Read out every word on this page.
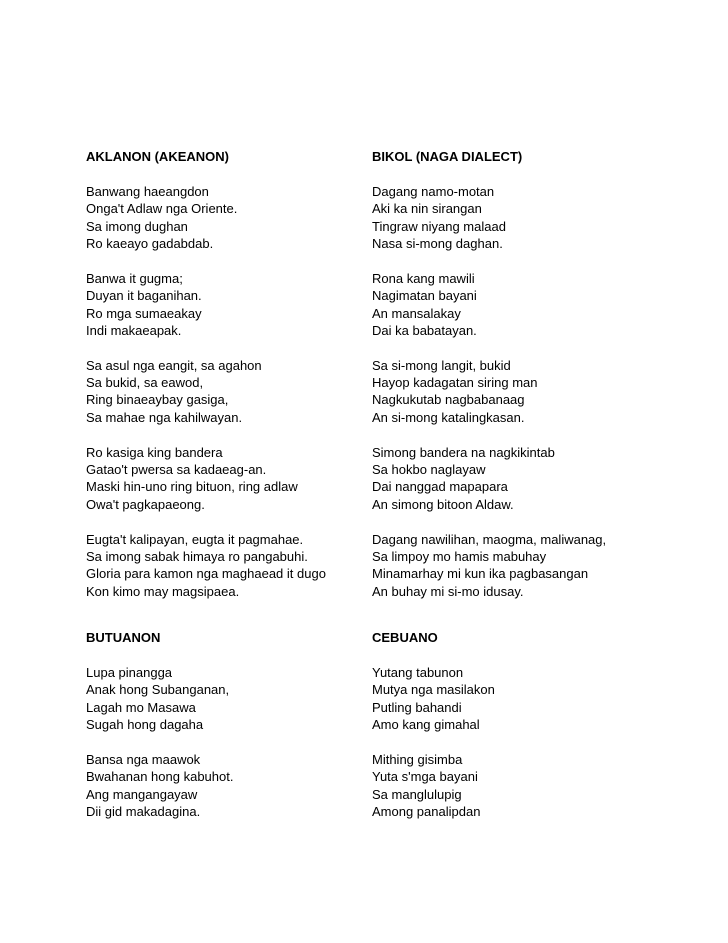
AKLANON (AKEANON)
Banwang haeangdon
Onga't Adlaw nga Oriente.
Sa imong dughan
Ro kaeayo gadabdab.
Banwa it gugma;
Duyan it baganihan.
Ro mga sumaeakay
Indi makaeapak.
Sa asul nga eangit, sa agahon
Sa bukid, sa eawod,
Ring binaeaybay gasiga,
Sa mahae nga kahilwayan.
Ro kasiga king bandera
Gatao't pwersa sa kadaeag-an.
Maski hin-uno ring bituon, ring adlaw
Owa't pagkapaeong.
Eugta't kalipayan, eugta it pagmahae.
Sa imong sabak himaya ro pangabuhi.
Gloria para kamon nga maghaead it dugo
Kon kimo may magsipaea.
BIKOL (NAGA DIALECT)
Dagang namo-motan
Aki ka nin sirangan
Tingraw niyang malaad
Nasa si-mong daghan.
Rona kang mawili
Nagimatan bayani
An mansalakay
Dai ka babatayan.
Sa si-mong langit, bukid
Hayop kadagatan siring man
Nagkukutab nagbabanaag
An si-mong katalingkasan.
Simong bandera na nagkikintab
Sa hokbo naglayaw
Dai nanggad mapapara
An simong bitoon Aldaw.
Dagang nawilihan, maogma, maliwanag,
Sa limpoy mo hamis mabuhay
Minamarhay mi kun ika pagbasangan
An buhay mi si-mo idusay.
BUTUANON
Lupa pinangga
Anak hong Subanganan,
Lagah mo Masawa
Sugah hong dagaha
Bansa nga maawok
Bwahanan hong kabuhot.
Ang mangangayaw
Dii gid makadagina.
CEBUANO
Yutang tabunon
Mutya nga masilakon
Putling bahandi
Amo kang gimahal
Mithing gisimba
Yuta s'mga bayani
Sa manglulupig
Among panalipdan
